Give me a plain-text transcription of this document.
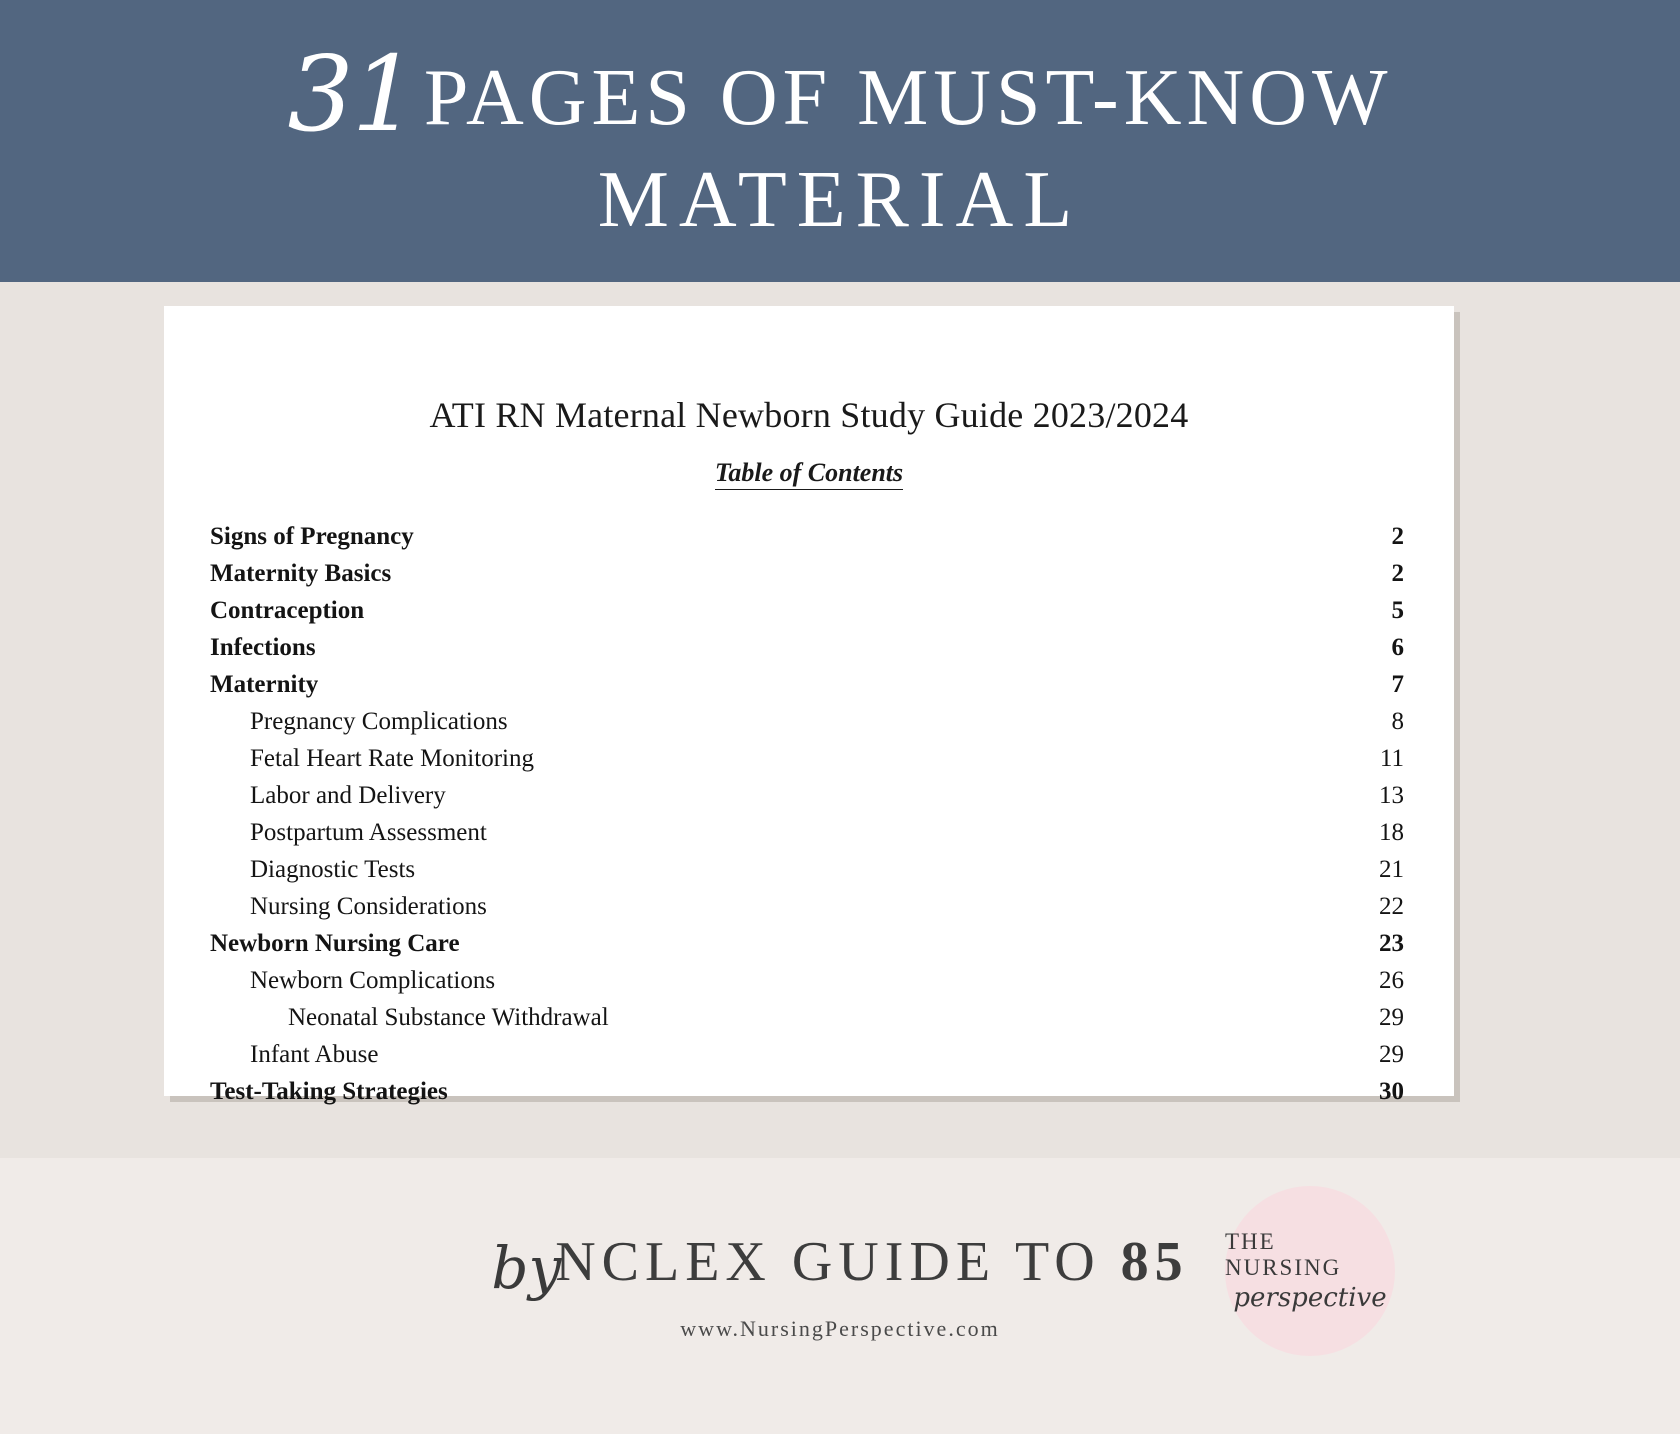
31 PAGES OF MUST-KNOW
MATERIAL
ATI RN Maternal Newborn Study Guide 2023/2024
Table of Contents
Signs of Pregnancy	2
Maternity Basics	2
Contraception	5
Infections	6
Maternity	7
Pregnancy Complications	8
Fetal Heart Rate Monitoring	11
Labor and Delivery	13
Postpartum Assessment	18
Diagnostic Tests	21
Nursing Considerations	22
Newborn Nursing Care	23
Newborn Complications	26
Neonatal Substance Withdrawal	29
Infant Abuse	29
Test-Taking Strategies	30
byNCLEX GUIDE TO 85
www.NursingPerspective.com
THE NURSING
perspective
